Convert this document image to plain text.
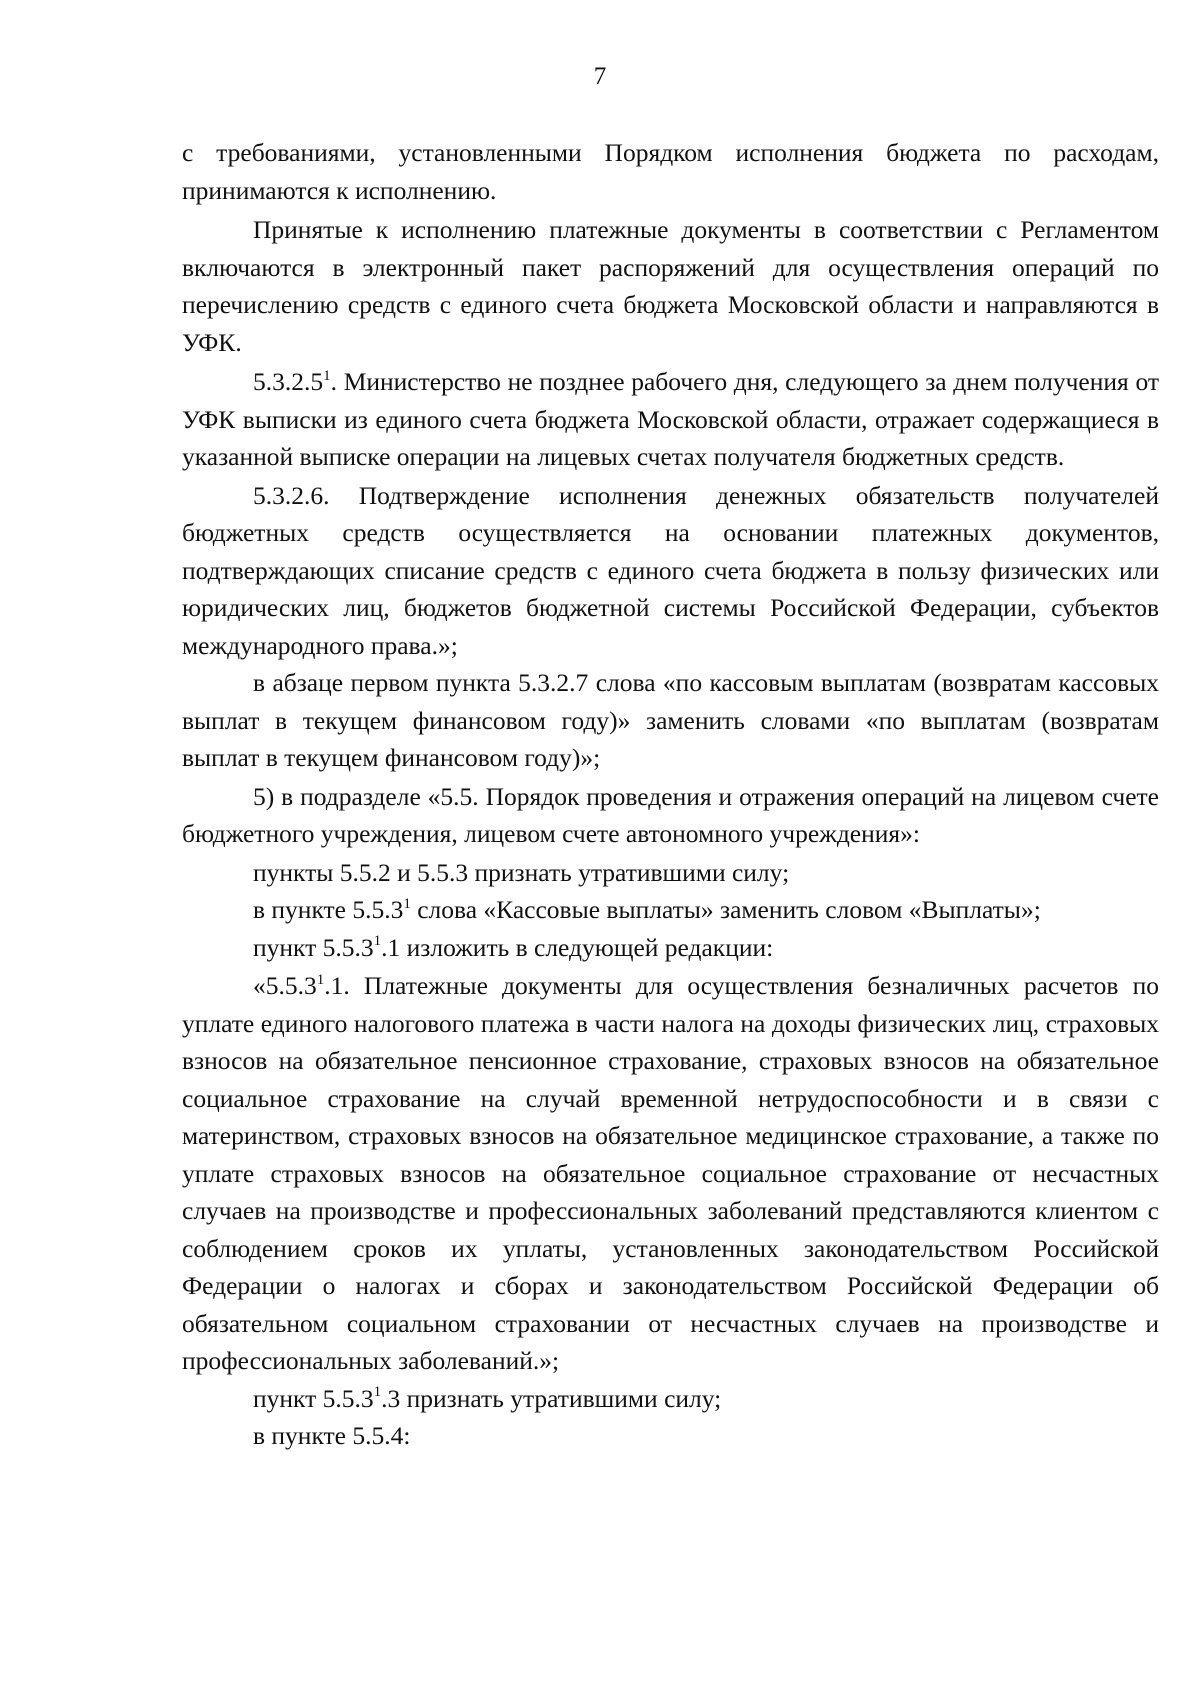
7

с требованиями, установленными Порядком исполнения бюджета по расходам, принимаются к исполнению.

Принятые к исполнению платежные документы в соответствии с Регламентом включаются в электронный пакет распоряжений для осуществления операций по перечислению средств с единого счета бюджета Московской области и направляются в УФК.

5.3.2.5$^1$. Министерство не позднее рабочего дня, следующего за днем получения от УФК выписки из единого счета бюджета Московской области, отражает содержащиеся в указанной выписке операции на лицевых счетах получателя бюджетных средств.

5.3.2.6. Подтверждение исполнения денежных обязательств получателей бюджетных средств осуществляется на основании платежных документов, подтверждающих списание средств с единого счета бюджета в пользу физических или юридических лиц, бюджетов бюджетной системы Российской Федерации, субъектов международного права.»;

в абзаце первом пункта 5.3.2.7 слова «по кассовым выплатам (возвратам кассовых выплат в текущем финансовом году)» заменить словами «по выплатам (возвратам выплат в текущем финансовом году)»;

5) в подразделе «5.5. Порядок проведения и отражения операций на лицевом счете бюджетного учреждения, лицевом счете автономного учреждения»:

пункты 5.5.2 и 5.5.3 признать утратившими силу;

в пункте 5.5.3$^1$ слова «Кассовые выплаты» заменить словом «Выплаты»;

пункт 5.5.3$^1$.1 изложить в следующей редакции:

«5.5.3$^1$.1. Платежные документы для осуществления безналичных расчетов по уплате единого налогового платежа в части налога на доходы физических лиц, страховых взносов на обязательное пенсионное страхование, страховых взносов на обязательное социальное страхование на случай временной нетрудоспособности и в связи с материнством, страховых взносов на обязательное медицинское страхование, а также по уплате страховых взносов на обязательное социальное страхование от несчастных случаев на производстве и профессиональных заболеваний представляются клиентом с соблюдением сроков их уплаты, установленных законодательством Российской Федерации о налогах и сборах и законодательством Российской Федерации об обязательном социальном страховании от несчастных случаев на производстве и профессиональных заболеваний.»;

пункт 5.5.3$^1$.3 признать утратившими силу;

в пункте 5.5.4:
